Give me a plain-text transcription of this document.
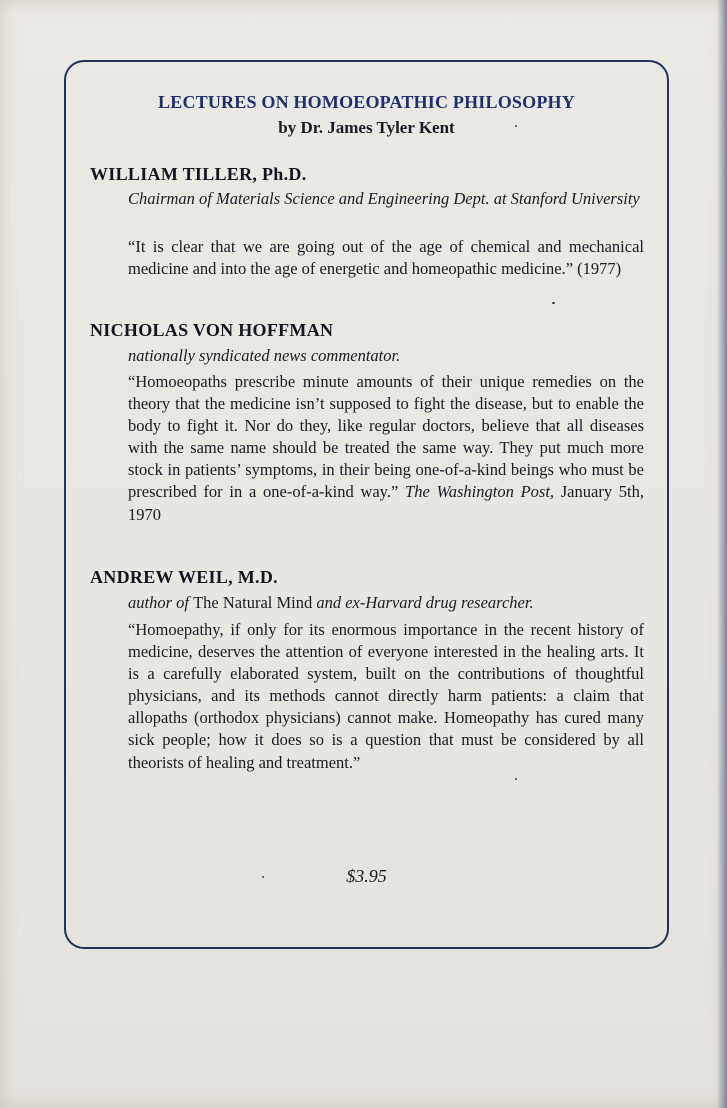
LECTURES ON HOMOEOPATHIC PHILOSOPHY
by Dr. James Tyler Kent
WILLIAM TILLER, Ph.D.
Chairman of Materials Science and Engineering Dept. at Stanford University
“It is clear that we are going out of the age of chemical and mechanical medicine and into the age of energetic and homeopathic medicine.” (1977)
NICHOLAS VON HOFFMAN
nationally syndicated news commentator.
“Homoeopaths prescribe minute amounts of their unique remedies on the theory that the medicine isn’t supposed to fight the disease, but to enable the body to fight it. Nor do they, like regular doctors, believe that all diseases with the same name should be treated the same way. They put much more stock in patients’ symptoms, in their being one-of-a-kind beings who must be prescribed for in a one-of-a-kind way.” The Washington Post, January 5th, 1970
ANDREW WEIL, M.D.
author of The Natural Mind and ex-Harvard drug researcher.
“Homoepathy, if only for its enormous importance in the recent history of medicine, deserves the attention of everyone interested in the healing arts. It is a carefully elaborated system, built on the contributions of thoughtful physicians, and its methods cannot directly harm patients: a claim that allopaths (orthodox physicians) cannot make. Homeopathy has cured many sick people; how it does so is a question that must be considered by all theorists of healing and treatment.”
$3.95
